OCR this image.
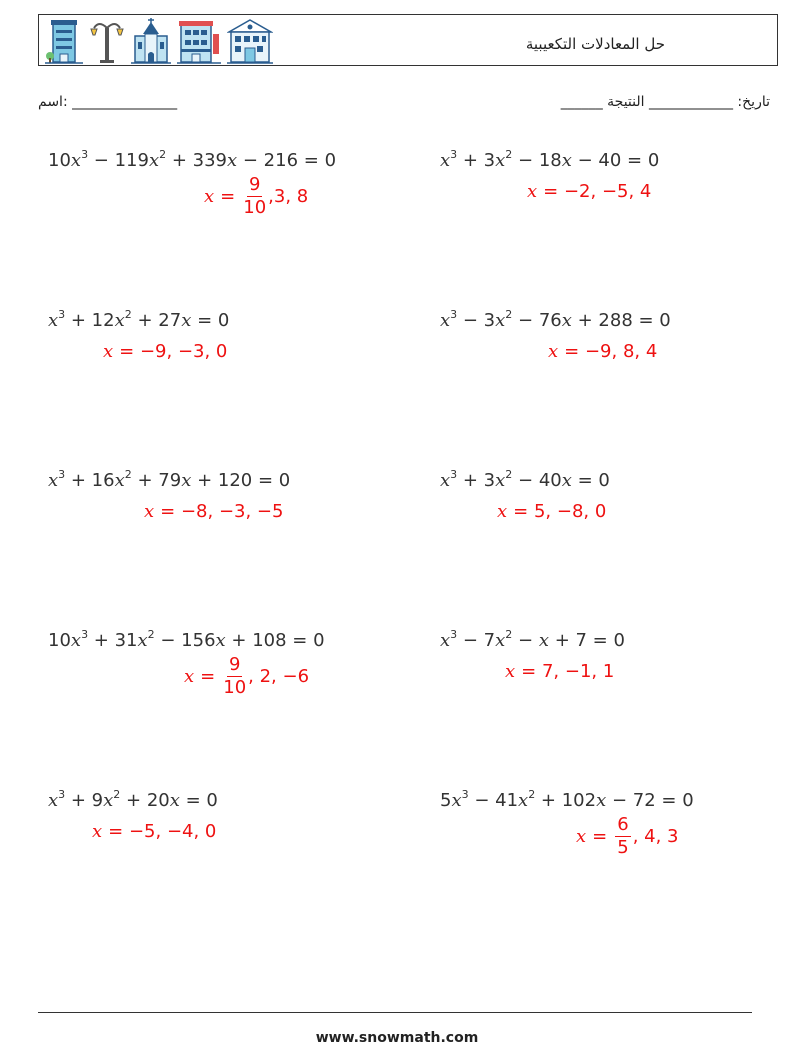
حل المعادلات التكعيبية
اسم: _______________	تاريخ: ____________ النتيجة ______
$10x^3 - 119x^2 + 339x - 216 = 0$
$x = \frac{9}{10} ,3$, 8
$x^3 + 3x^2 - 18x - 40 = 0$
x = −2, −5, 4
$x^3 + 12x^2 + 27x = 0$
x = −9, −3, 0
$x^3 - 3x^2 - 76x + 288 = 0$
x = −9, 8, 4
$x^3 + 16x^2 + 79x + 120 = 0$
x = −8, −3, −5
$x^3 + 3x^2 - 40x = 0$
x = 5, −8, 0
$10x^3 + 31x^2 - 156x + 108 = 0$
$x = \frac{9}{10}$ , 2, −6
$x^3 - 7x^2 - x + 7 = 0$
x = 7, −1, 1
$x^3 + 9x^2 + 20x = 0$
x = −5, −4, 0
$5x^3 - 41x^2 + 102x - 72 = 0$
$x = \frac{6}{5}$ , 4, 3
www.snowmath.com
